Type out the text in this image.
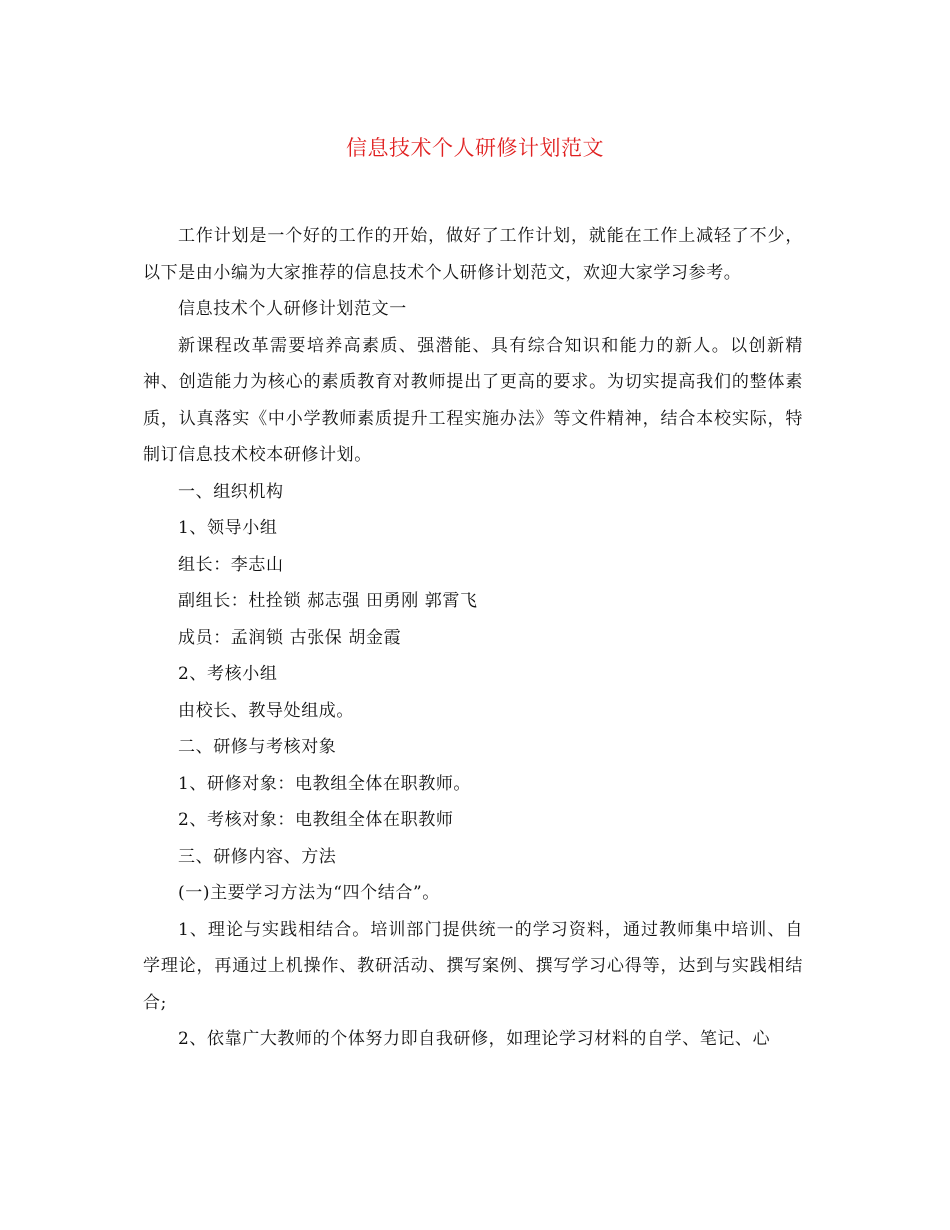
信息技术个人研修计划范文

工作计划是一个好的工作的开始，做好了工作计划，就能在工作上减轻了不少，以下是由小编为大家推荐的信息技术个人研修计划范文，欢迎大家学习参考。

信息技术个人研修计划范文一

新课程改革需要培养高素质、强潜能、具有综合知识和能力的新人。以创新精神、创造能力为核心的素质教育对教师提出了更高的要求。为切实提高我们的整体素质，认真落实《中小学教师素质提升工程实施办法》等文件精神，结合本校实际，特制订信息技术校本研修计划。

一、组织机构

1、领导小组

组长：李志山

副组长：杜拴锁 郝志强 田勇刚 郭霄飞

成员：孟润锁 古张保 胡金霞

2、考核小组

由校长、教导处组成。

二、研修与考核对象

1、研修对象：电教组全体在职教师。

2、考核对象：电教组全体在职教师

三、研修内容、方法

(一)主要学习方法为“四个结合”。

1、理论与实践相结合。培训部门提供统一的学习资料，通过教师集中培训、自学理论，再通过上机操作、教研活动、撰写案例、撰写学习心得等，达到与实践相结合;

2、依靠广大教师的个体努力即自我研修，如理论学习材料的自学、笔记、心
